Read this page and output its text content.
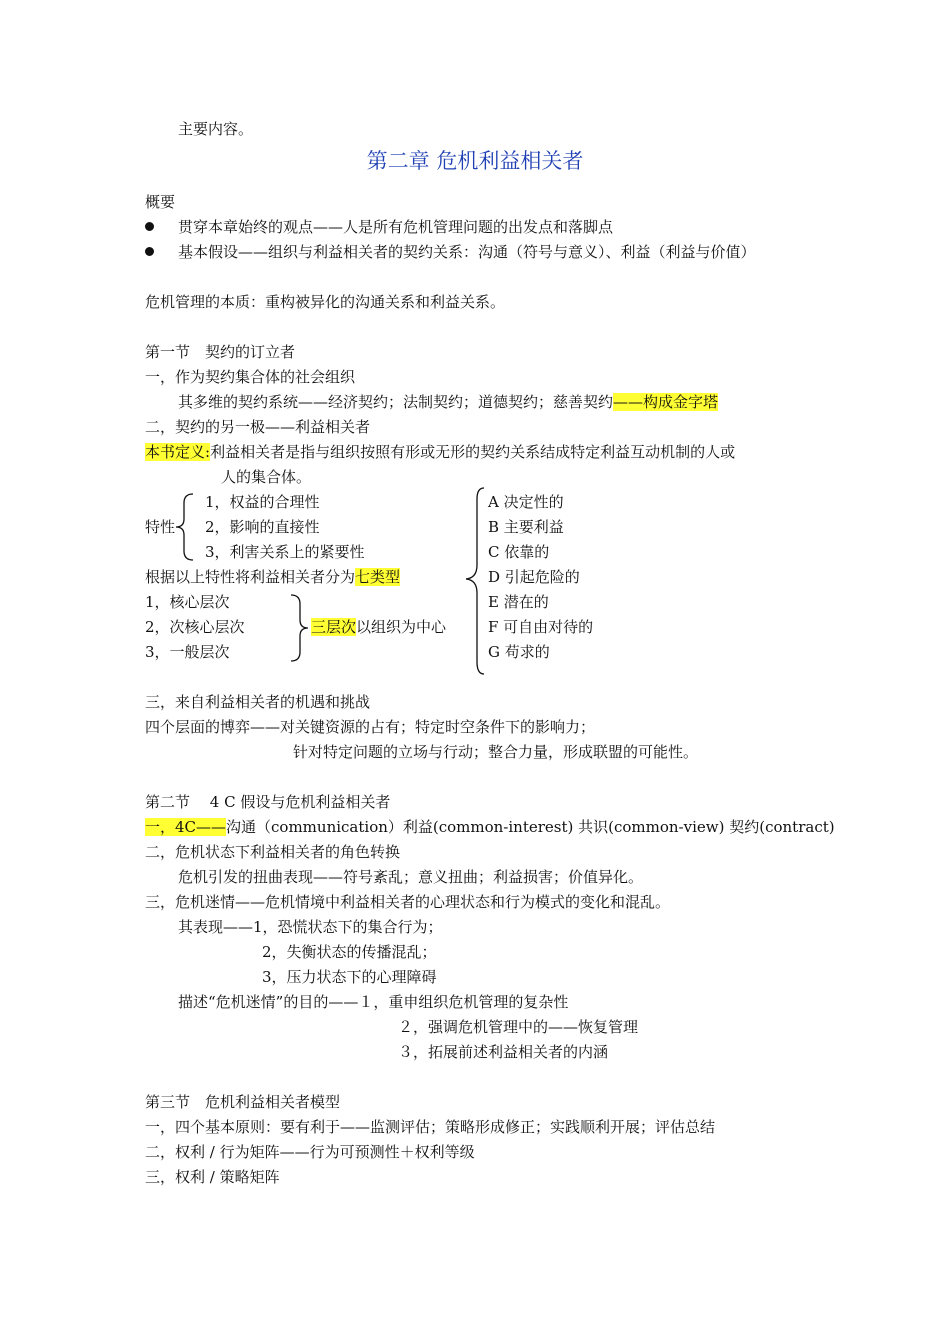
主要内容。
第二章 危机利益相关者
概要
贯穿本章始终的观点——人是所有危机管理问题的出发点和落脚点
基本假设——组织与利益相关者的契约关系：沟通（符号与意义）、利益（利益与价值）
危机管理的本质：重构被异化的沟通关系和利益关系。
第一节　契约的订立者
一，作为契约集合体的社会组织
其多维的契约系统——经济契约；法制契约；道德契约；慈善契约——构成金字塔
二，契约的另一极——利益相关者
本书定义:利益相关者是指与组织按照有形或无形的契约关系结成特定利益互动机制的人或
人的集合体。
特性
1，权益的合理性
2，影响的直接性
3，利害关系上的紧要性
根据以上特性将利益相关者分为七类型
1，核心层次
2，次核心层次
3，一般层次
三层次以组织为中心
A 决定性的
B 主要利益
C 依靠的
D 引起危险的
E 潜在的
F 可自由对待的
G 苟求的
三，来自利益相关者的机遇和挑战
四个层面的博弈——对关键资源的占有；特定时空条件下的影响力；
针对特定问题的立场与行动；整合力量，形成联盟的可能性。
第二节　 4 C 假设与危机利益相关者
一，4C——沟通（communication）利益(common-interest) 共识(common-view) 契约(contract)
二，危机状态下利益相关者的角色转换
危机引发的扭曲表现——符号紊乱；意义扭曲；利益损害；价值异化。
三，危机迷情——危机情境中利益相关者的心理状态和行为模式的变化和混乱。
其表现——1，恐慌状态下的集合行为；
2，失衡状态的传播混乱；
3，压力状态下的心理障碍
描述“危机迷情”的目的——１，重申组织危机管理的复杂性
２，强调危机管理中的——恢复管理
３，拓展前述利益相关者的内涵
第三节　危机利益相关者模型
一，四个基本原则：要有利于——监测评估；策略形成修正；实践顺利开展；评估总结
二，权利 / 行为矩阵——行为可预测性＋权利等级
三，权利 / 策略矩阵
